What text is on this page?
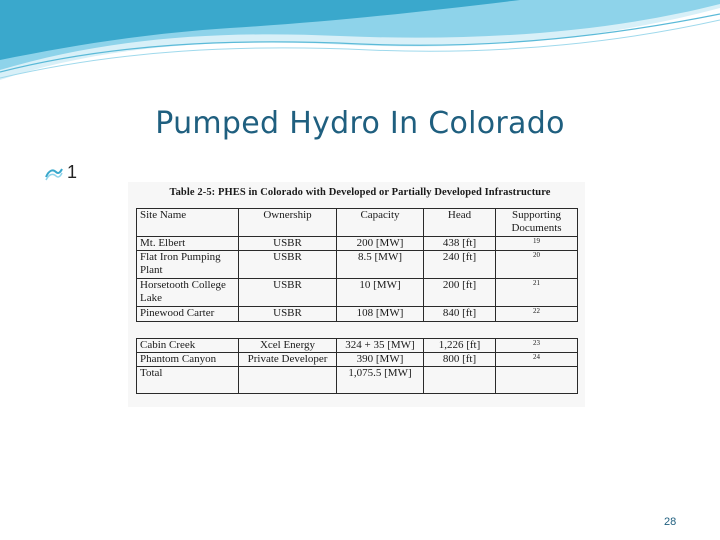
Pumped Hydro In Colorado
1
Table 2-5: PHES in Colorado with Developed or Partially Developed Infrastructure
Site Name	Ownership	Capacity	Head	Supporting Documents
Mt. Elbert	USBR	200 [MW]	438 [ft]	$^{19}$
Flat Iron Pumping Plant	USBR	8.5 [MW]	240 [ft]	$^{20}$
Horsetooth College Lake	USBR	10 [MW]	200 [ft]	$^{21}$
Pinewood Carter	USBR	108 [MW]	840 [ft]	$^{22}$
Cabin Creek	Xcel Energy	324 + 35 [MW]	1,226 [ft]	$^{23}$
Phantom Canyon	Private Developer	390 [MW]	800 [ft]	$^{24}$
Total		1,075.5 [MW]		
28
